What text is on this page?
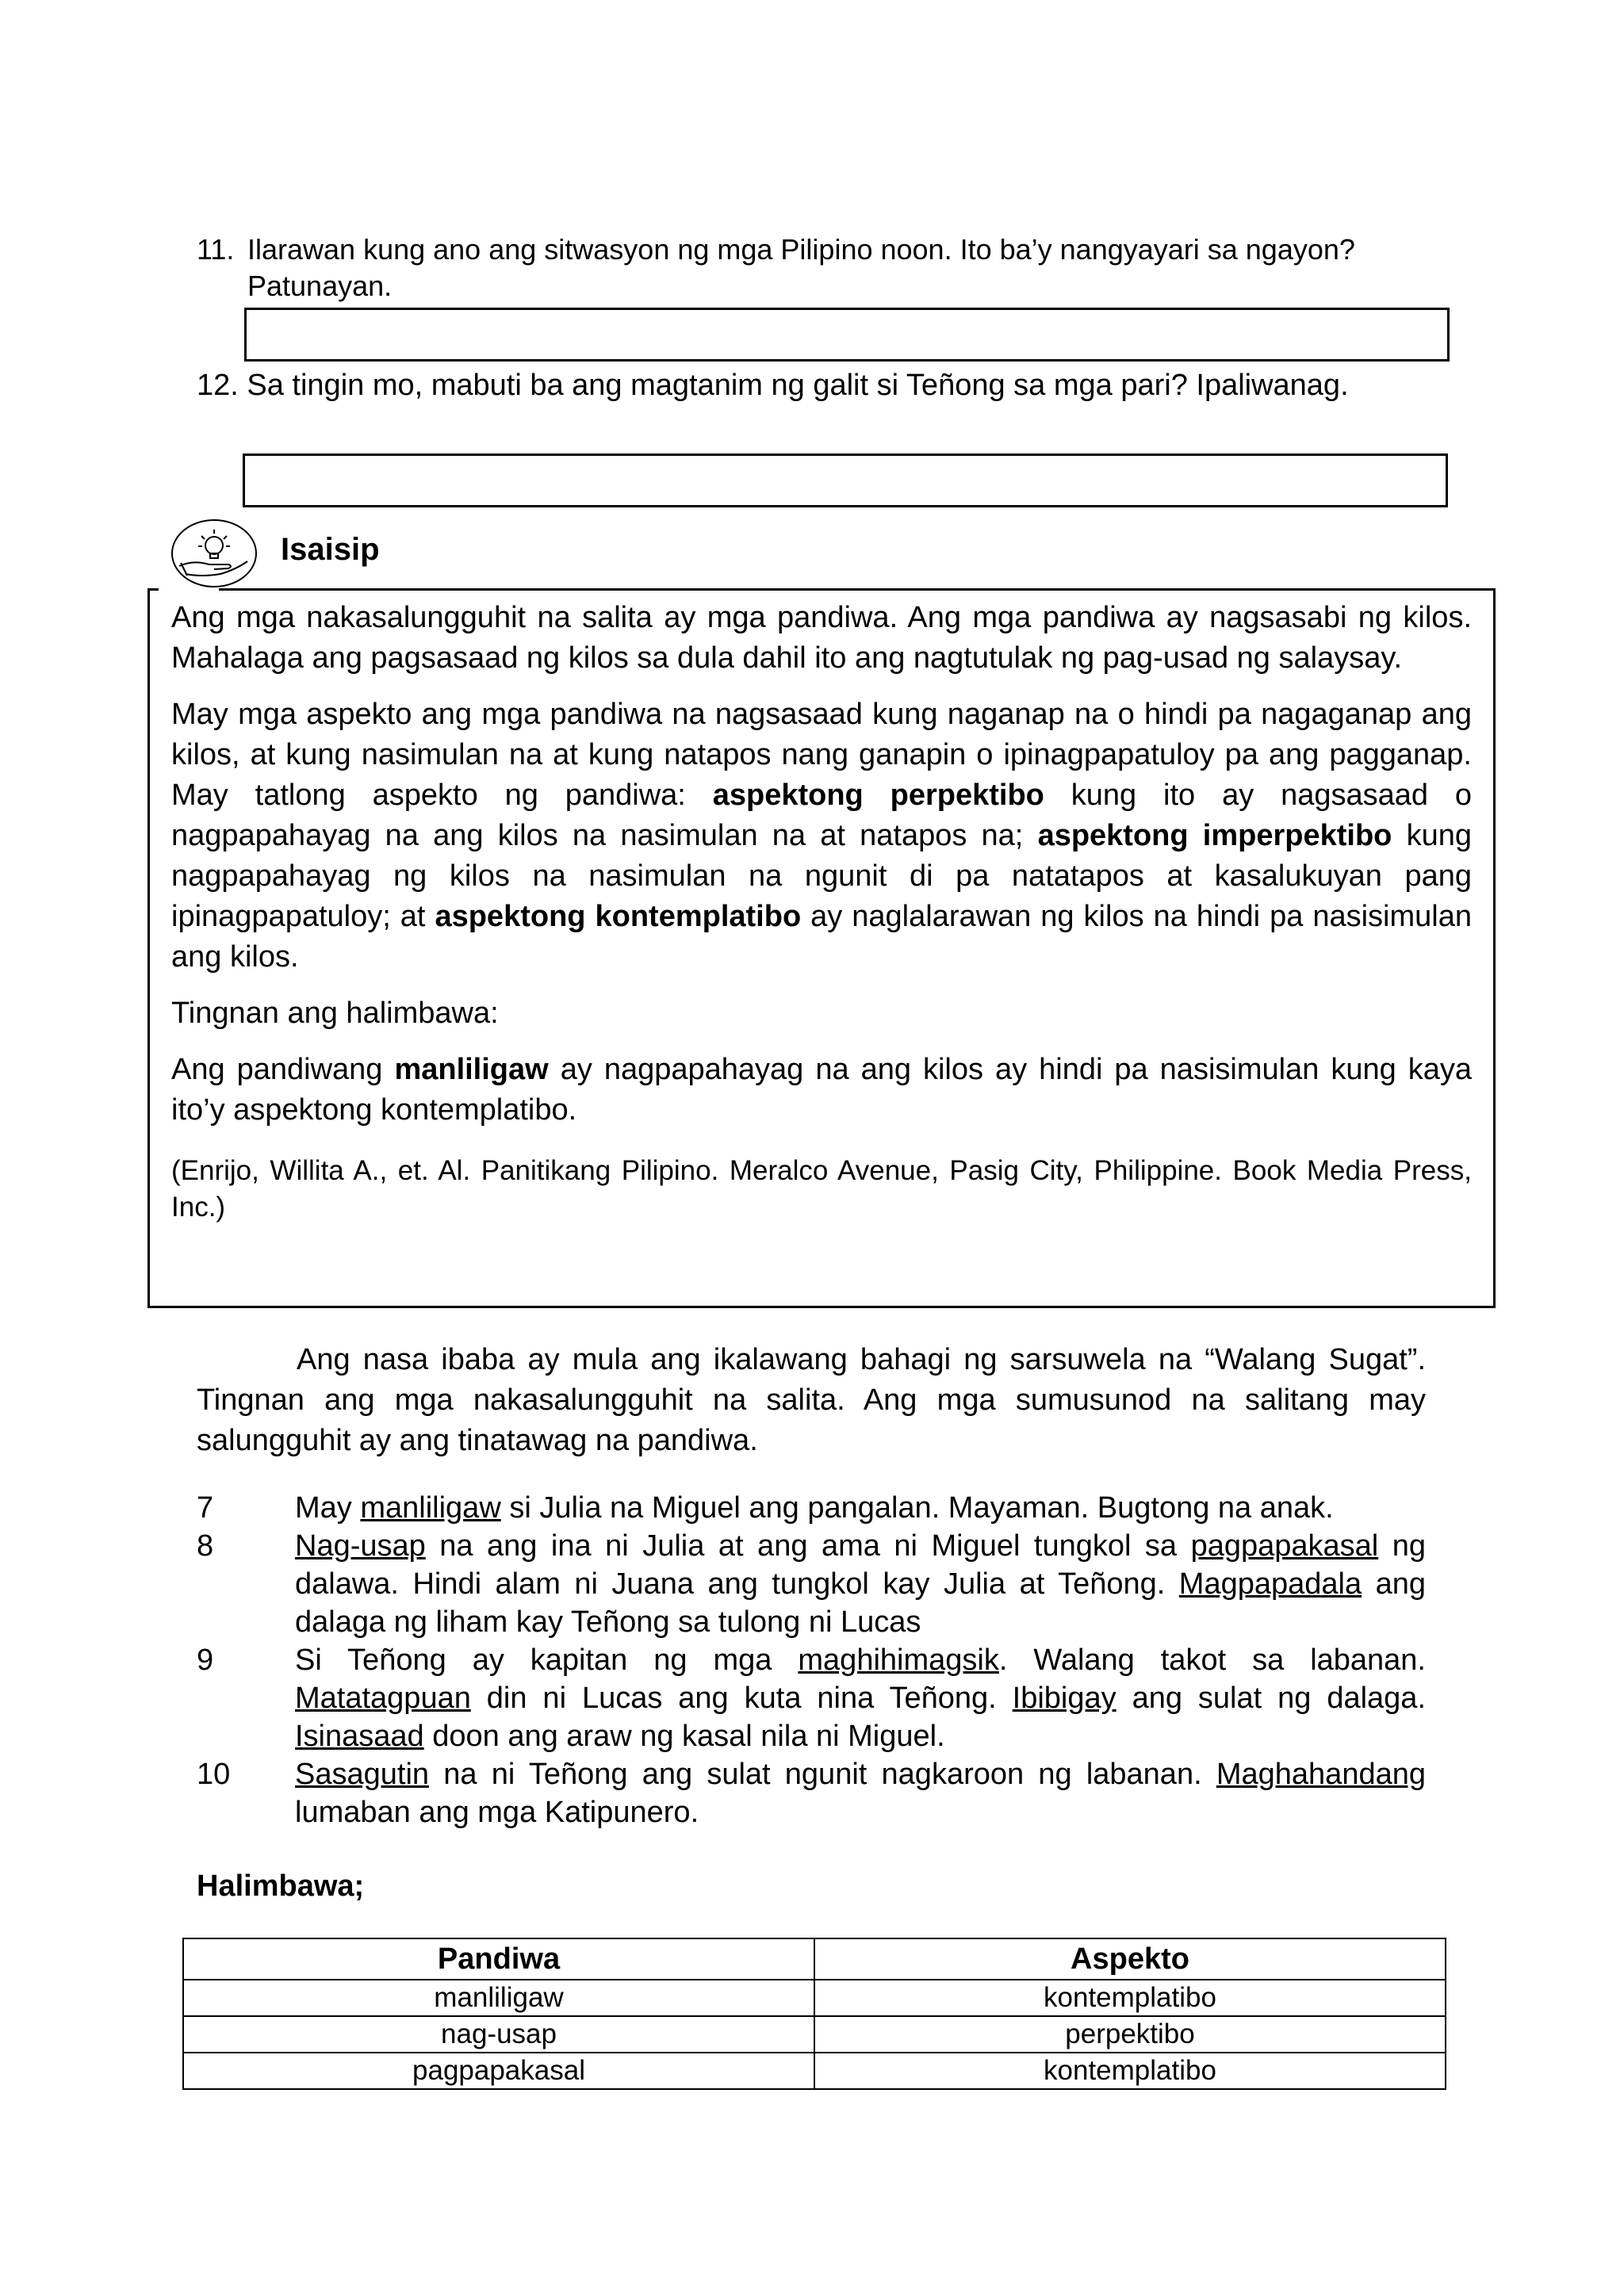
11. Ilarawan kung ano ang sitwasyon ng mga Pilipino noon. Ito ba’y nangyayari sa ngayon?
Patunayan.
12. Sa tingin mo, mabuti ba ang magtanim ng galit si Teñong sa mga pari? Ipaliwanag.
Isaisip

Ang mga nakasalungguhit na salita ay mga pandiwa. Ang mga pandiwa ay nagsasabi ng kilos. Mahalaga ang pagsasaad ng kilos sa dula dahil ito ang nagtutulak ng pag-usad ng salaysay.

May mga aspekto ang mga pandiwa na nagsasaad kung naganap na o hindi pa nagaganap ang kilos, at kung nasimulan na at kung natapos nang ganapin o ipinagpapatuloy pa ang pagganap. May tatlong aspekto ng pandiwa: aspektong perpektibo kung ito ay nagsasaad o nagpapahayag na ang kilos na nasimulan na at natapos na; aspektong imperpektibo kung nagpapahayag ng kilos na nasimulan na ngunit di pa natatapos at kasalukuyan pang ipinagpapatuloy; at aspektong kontemplatibo ay naglalarawan ng kilos na hindi pa nasisimulan ang kilos.

Tingnan ang halimbawa:

Ang pandiwang manliligaw ay nagpapahayag na ang kilos ay hindi pa nasisimulan kung kaya ito’y aspektong kontemplatibo.

(Enrijo, Willita A., et. Al. Panitikang Pilipino. Meralco Avenue, Pasig City, Philippine. Book Media Press, Inc.)

Ang nasa ibaba ay mula ang ikalawang bahagi ng sarsuwela na “Walang Sugat”. Tingnan ang mga nakasalungguhit na salita. Ang mga sumusunod na salitang may salungguhit ay ang tinatawag na pandiwa.

7	May manliligaw si Julia na Miguel ang pangalan. Mayaman. Bugtong na anak.
8	Nag-usap na ang ina ni Julia at ang ama ni Miguel tungkol sa pagpapakasal ng dalawa. Hindi alam ni Juana ang tungkol kay Julia at Teñong. Magpapadala ang dalaga ng liham kay Teñong sa tulong ni Lucas
9	Si Teñong ay kapitan ng mga maghihimagsik. Walang takot sa labanan. Matatagpuan din ni Lucas ang kuta nina Teñong. Ibibigay ang sulat ng dalaga. Isinasaad doon ang araw ng kasal nila ni Miguel.
10	Sasagutin na ni Teñong ang sulat ngunit nagkaroon ng labanan. Maghahandang lumaban ang mga Katipunero.
Halimbawa;
Pandiwa	Aspekto
manliligaw	kontemplatibo
nag-usap	perpektibo
pagpapakasal	kontemplatibo
